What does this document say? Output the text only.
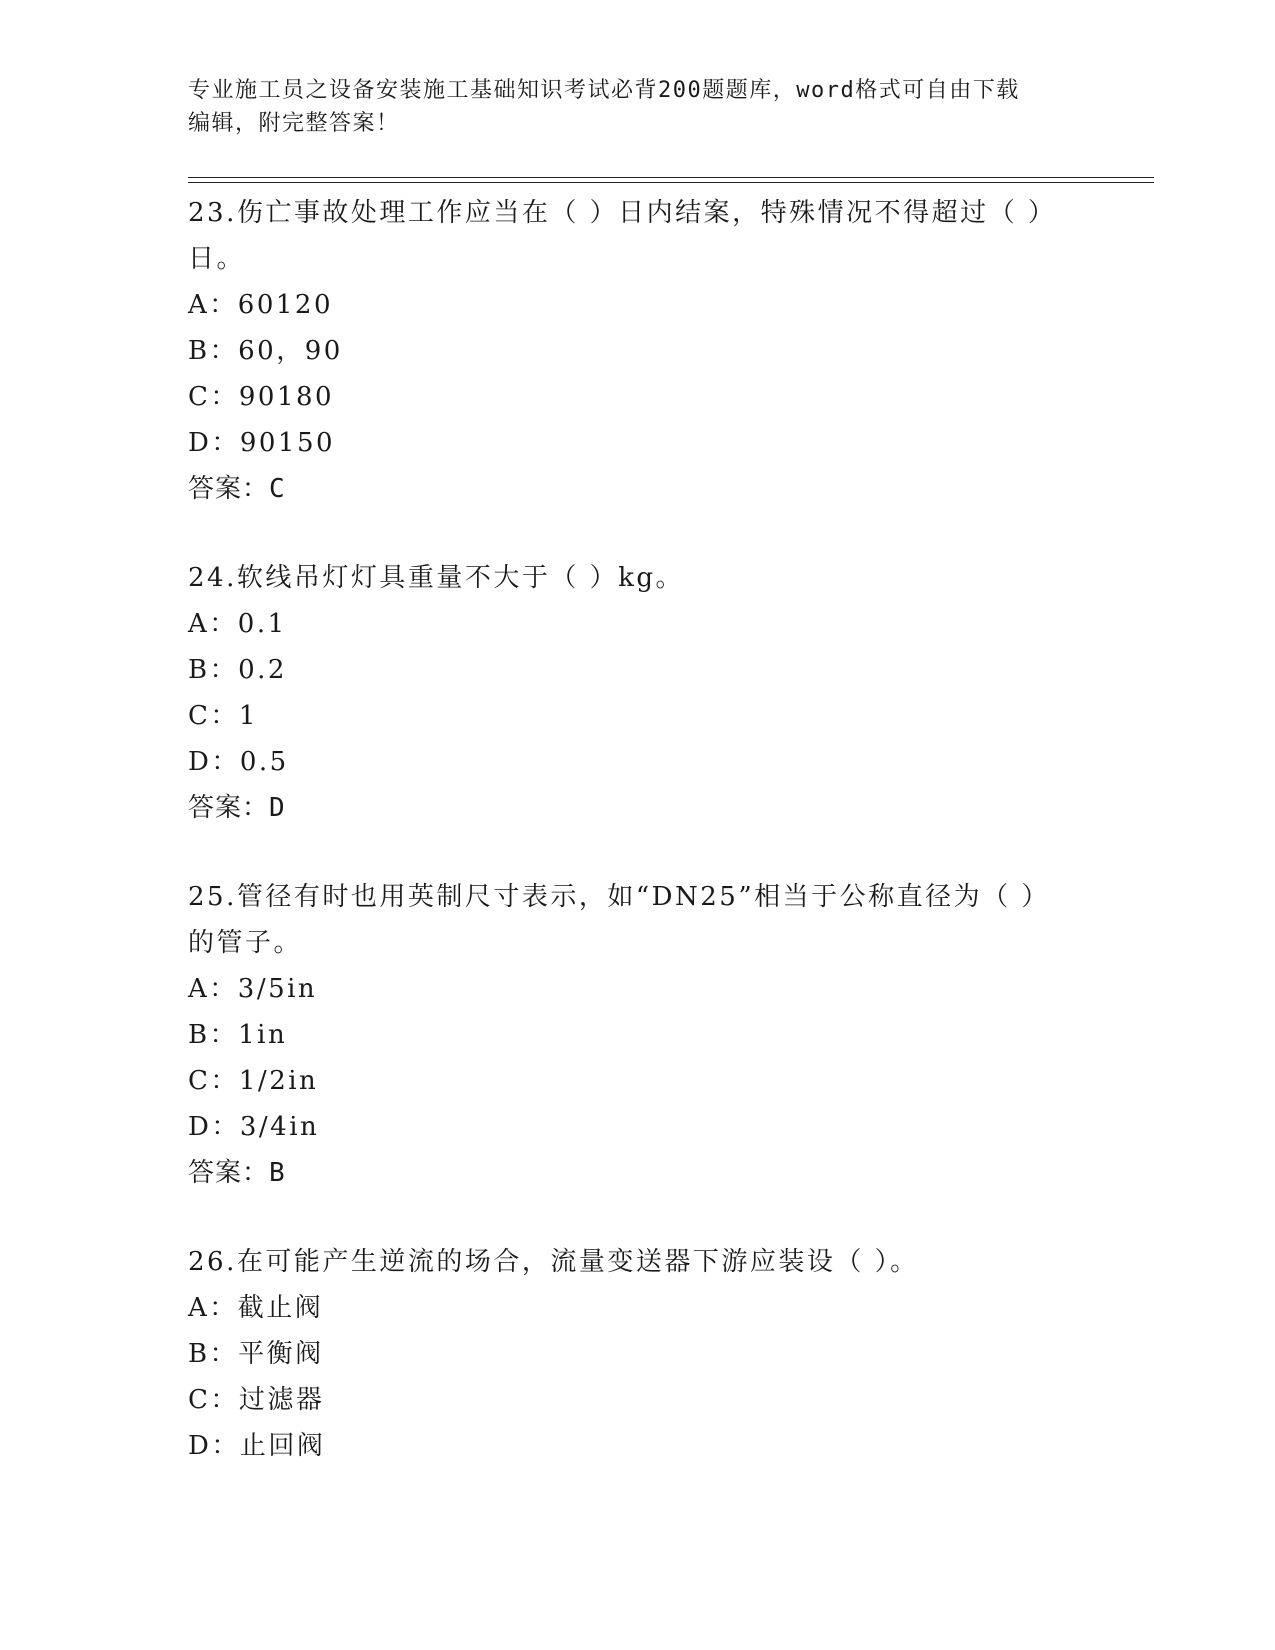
专业施工员之设备安装施工基础知识考试必背200题题库，word格式可自由下载
编辑，附完整答案！
23.伤亡事故处理工作应当在（ ）日内结案，特殊情况不得超过（ ）
日。
A：60120
B：60，90
C：90180
D：90150
答案：C
24.软线吊灯灯具重量不大于（ ）kg。
A：0.1
B：0.2
C：1
D：0.5
答案：D
25.管径有时也用英制尺寸表示，如“DN25”相当于公称直径为（ ）
的管子。
A：3/5in
B：1in
C：1/2in
D：3/4in
答案：B
26.在可能产生逆流的场合，流量变送器下游应装设（ ）。
A：截止阀
B：平衡阀
C：过滤器
D：止回阀
